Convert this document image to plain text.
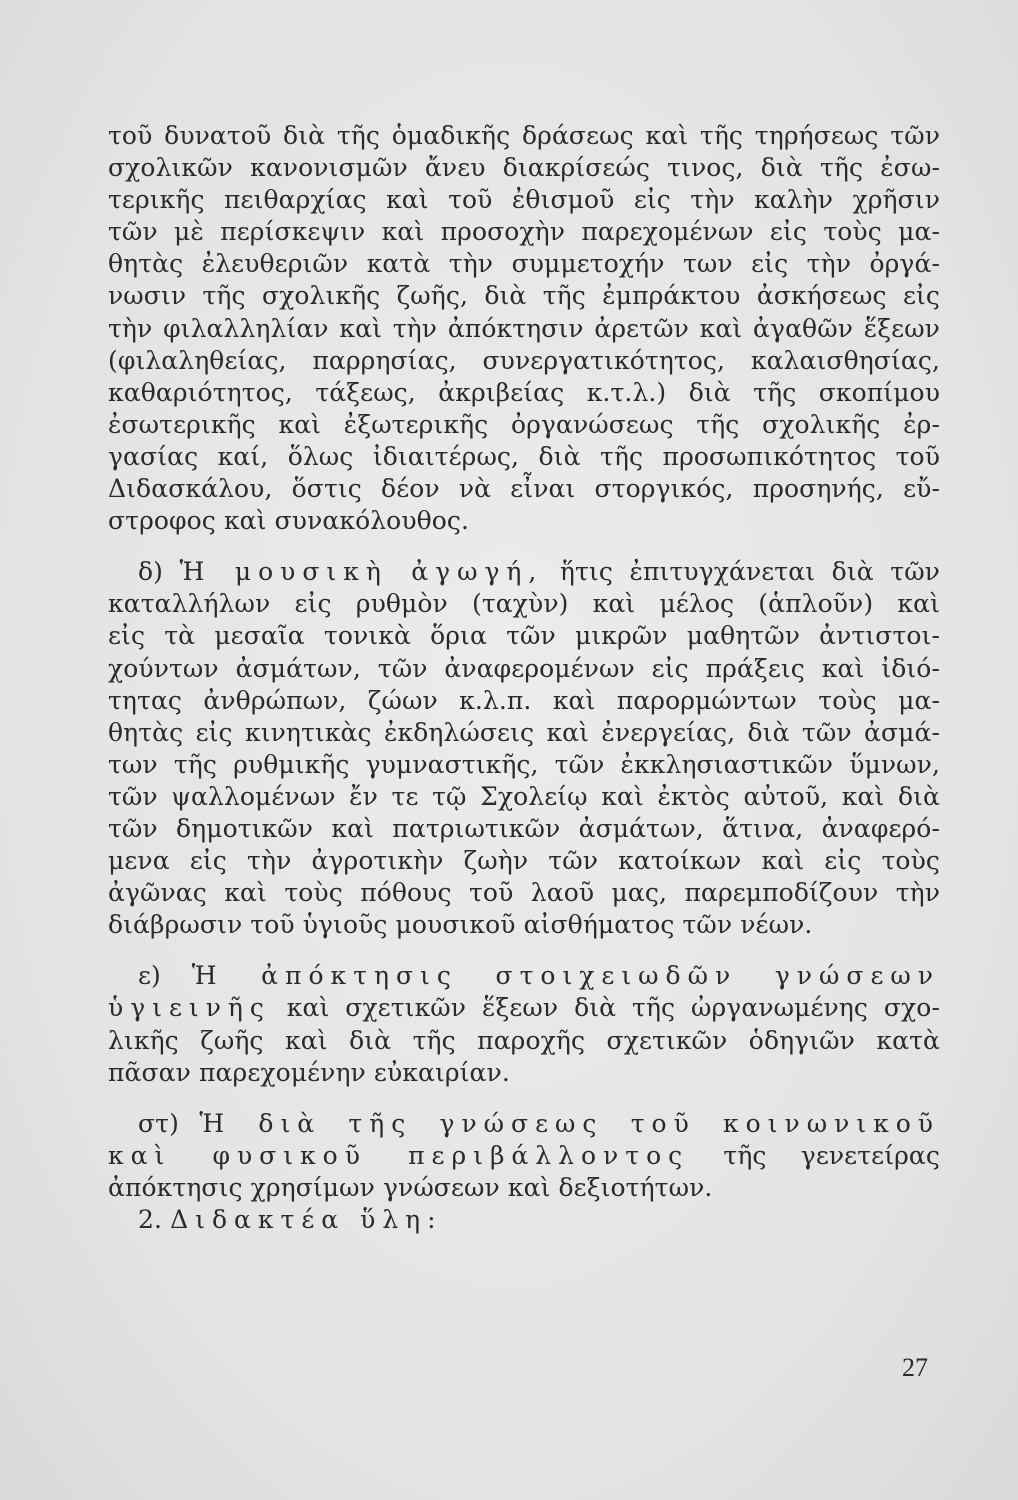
τοῦ δυνατοῦ διὰ τῆς ὁμαδικῆς δράσεως καὶ τῆς τηρήσεως τῶν
σχολικῶν κανονισμῶν ἄνευ διακρίσεώς τινος, διὰ τῆς ἐσω-
τερικῆς πειθαρχίας καὶ τοῦ ἐθισμοῦ εἰς τὴν καλὴν χρῆσιν
τῶν μὲ περίσκεψιν καὶ προσοχὴν παρεχομένων εἰς τοὺς μα-
θητὰς ἐλευθεριῶν κατὰ τὴν συμμετοχήν των εἰς τὴν ὀργά-
νωσιν τῆς σχολικῆς ζωῆς, διὰ τῆς ἐμπράκτου ἀσκήσεως εἰς
τὴν φιλαλληλίαν καὶ τὴν ἀπόκτησιν ἀρετῶν καὶ ἀγαθῶν ἕξεων
(φιλαληθείας, παρρησίας, συνεργατικότητος, καλαισθησίας,
καθαριότητος, τάξεως, ἀκριβείας κ.τ.λ.) διὰ τῆς σκοπίμου
ἐσωτερικῆς καὶ ἐξωτερικῆς ὀργανώσεως τῆς σχολικῆς ἐρ-
γασίας καί, ὅλως ἰδιαιτέρως, διὰ τῆς προσωπικότητος τοῦ
Διδασκάλου, ὅστις δέον νὰ εἶναι στοργικός, προσηνής, εὔ-
στροφος καὶ συνακόλουθος.
δ) Ἡ μουσικὴ ἀγωγή, ἥτις ἐπιτυγχάνεται διὰ τῶν
καταλλήλων εἰς ρυθμὸν (ταχὺν) καὶ μέλος (ἁπλοῦν) καὶ
εἰς τὰ μεσαῖα τονικὰ ὅρια τῶν μικρῶν μαθητῶν ἀντιστοι-
χούντων ἀσμάτων, τῶν ἀναφερομένων εἰς πράξεις καὶ ἰδιό-
τητας ἀνθρώπων, ζώων κ.λ.π. καὶ παρορμώντων τοὺς μα-
θητὰς εἰς κινητικὰς ἐκδηλώσεις καὶ ἐνεργείας, διὰ τῶν ἀσμά-
των τῆς ρυθμικῆς γυμναστικῆς, τῶν ἐκκλησιαστικῶν ὕμνων,
τῶν ψαλλομένων ἔν τε τῷ Σχολείῳ καὶ ἐκτὸς αὐτοῦ, καὶ διὰ
τῶν δημοτικῶν καὶ πατριωτικῶν ἀσμάτων, ἅτινα, ἀναφερό-
μενα εἰς τὴν ἀγροτικὴν ζωὴν τῶν κατοίκων καὶ εἰς τοὺς
ἀγῶνας καὶ τοὺς πόθους τοῦ λαοῦ μας, παρεμποδίζουν τὴν
διάβρωσιν τοῦ ὑγιοῦς μουσικοῦ αἰσθήματος τῶν νέων.
ε) Ἡ ἀπόκτησις στοιχειωδῶν γνώσεων
ὑγιεινῆς καὶ σχετικῶν ἕξεων διὰ τῆς ὠργανωμένης σχο-
λικῆς ζωῆς καὶ διὰ τῆς παροχῆς σχετικῶν ὁδηγιῶν κατὰ
πᾶσαν παρεχομένην εὐκαιρίαν.
στ) Ἡ διὰ τῆς γνώσεως τοῦ κοινωνικοῦ
καὶ φυσικοῦ περιβάλλοντος τῆς γενετείρας
ἀπόκτησις χρησίμων γνώσεων καὶ δεξιοτήτων.
2. Διδακτέα ὕλη:
27
